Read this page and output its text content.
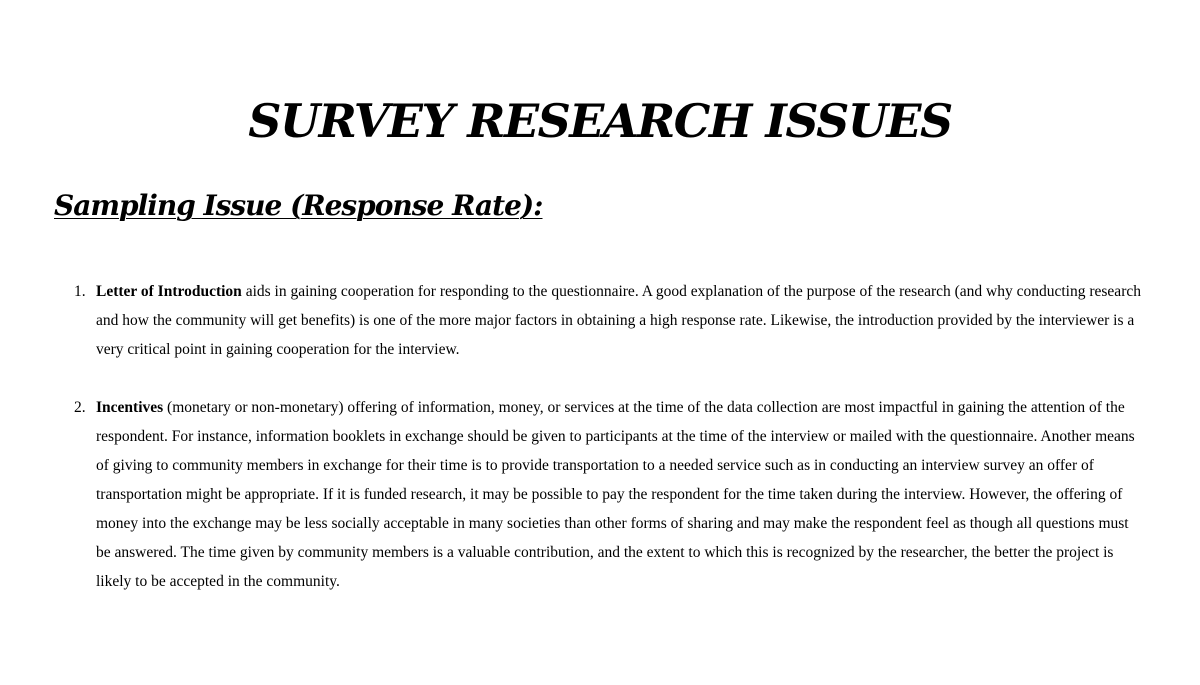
SURVEY RESEARCH ISSUES
Sampling Issue (Response Rate):
1. Letter of Introduction aids in gaining cooperation for responding to the questionnaire. A good explanation of the purpose of the research (and why conducting research and how the community will get benefits) is one of the more major factors in obtaining a high response rate. Likewise, the introduction provided by the interviewer is a very critical point in gaining cooperation for the interview.
2. Incentives (monetary or non-monetary) offering of information, money, or services at the time of the data collection are most impactful in gaining the attention of the respondent. For instance, information booklets in exchange should be given to participants at the time of the interview or mailed with the questionnaire. Another means of giving to community members in exchange for their time is to provide transportation to a needed service such as in conducting an interview survey an offer of transportation might be appropriate. If it is funded research, it may be possible to pay the respondent for the time taken during the interview. However, the offering of money into the exchange may be less socially acceptable in many societies than other forms of sharing and may make the respondent feel as though all questions must be answered. The time given by community members is a valuable contribution, and the extent to which this is recognized by the researcher, the better the project is likely to be accepted in the community.
